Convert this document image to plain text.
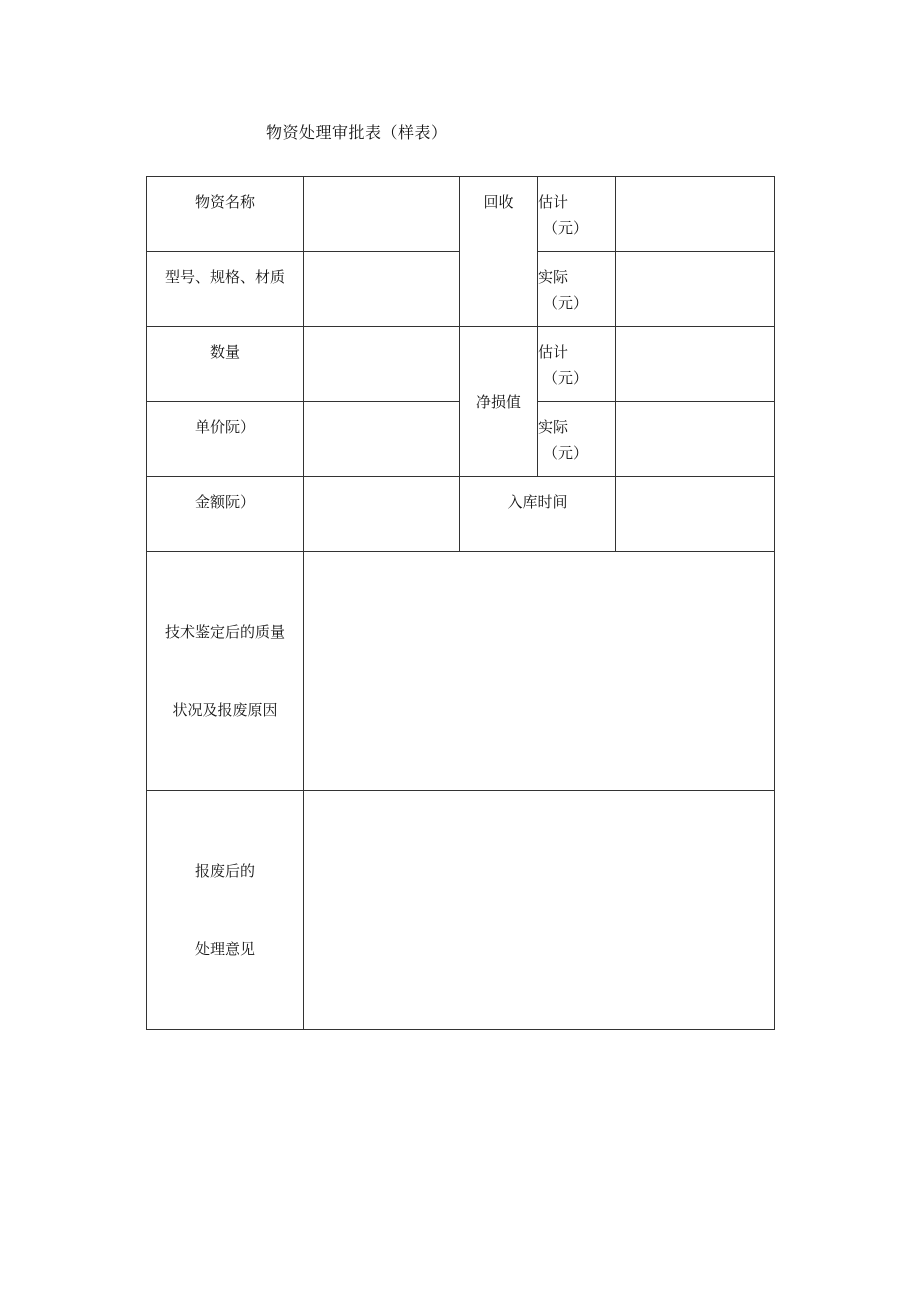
物资处理审批表（样表）
物资名称		回收	估计
（元）	

型号、规格、材质			实际
（元）	

数量		净损值	估计
（元）	

单价阮）			实际
（元）	

金额阮）		入库时间		

技术鉴定后的质量
状况及报废原因				

报废后的
处理意见				
